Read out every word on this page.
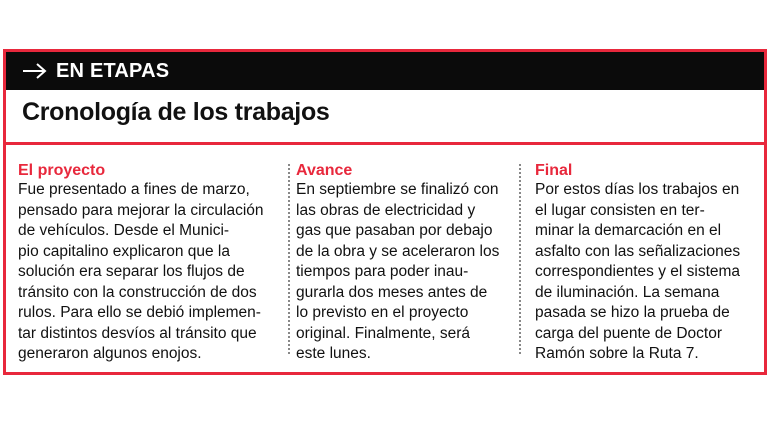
EN ETAPAS
Cronología de los trabajos
El proyecto

Fue presentado a fines de marzo,
pensado para mejorar la circulación
de vehículos. Desde el Munici-
pio capitalino explicaron que la
solución era separar los flujos de
tránsito con la construcción de dos
rulos. Para ello se debió implemen-
tar distintos desvíos al tránsito que
generaron algunos enojos.

Avance

En septiembre se finalizó con
las obras de electricidad y
gas que pasaban por debajo
de la obra y se aceleraron los
tiempos para poder inau-
gurarla dos meses antes de
lo previsto en el proyecto
original. Finalmente, será
este lunes.

Final

Por estos días los trabajos en
el lugar consisten en ter-
minar la demarcación en el
asfalto con las señalizaciones
correspondientes y el sistema
de iluminación. La semana
pasada se hizo la prueba de
carga del puente de Doctor
Ramón sobre la Ruta 7.
